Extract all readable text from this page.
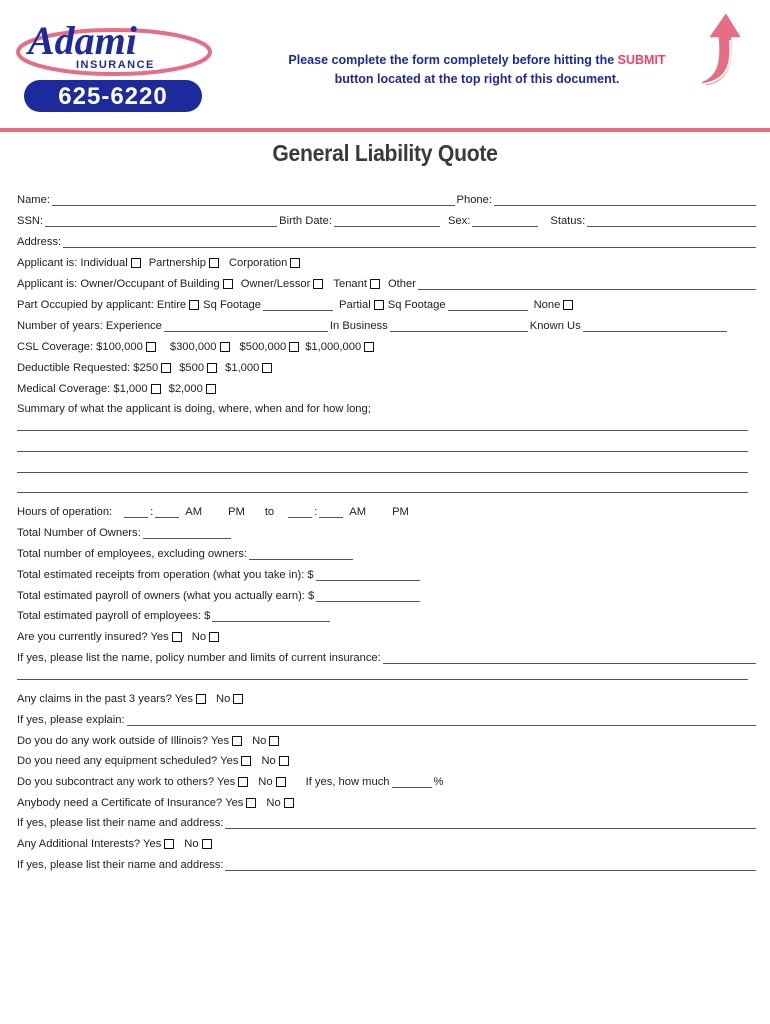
Adami
INSURANCE
625-6220
Please complete the form completely before hitting the SUBMIT
button located at the top right of this document.
General Liability Quote
Name:	Phone:
SSN:	Birth Date:	Sex:	Status:
Address:
Applicant is: Individual Partnership Corporation
Applicant is: Owner/Occupant of Building Owner/Lessor Tenant Other
Part Occupied by applicant: Entire Sq Footage	Partial Sq Footage	None
Number of years: Experience	In Business	Known Us
CSL Coverage: $100,000 $300,000 $500,000 $1,000,000
Deductible Requested: $250 $500 $1,000
Medical Coverage: $1,000 $2,000
Summary of what the applicant is doing, where, when and for how long;
Hours of operation:	:	AM PM to	:	AM PM
Total Number of Owners:
Total number of employees, excluding owners:
Total estimated receipts from operation (what you take in): $
Total estimated payroll of owners (what you actually earn): $
Total estimated payroll of employees: $
Are you currently insured? Yes No
If yes, please list the name, policy number and limits of current insurance:
Any claims in the past 3 years? Yes No
If yes, please explain:
Do you do any work outside of Illinois? Yes No
Do you need any equipment scheduled? Yes No
Do you subcontract any work to others? Yes No	If yes, how much	%
Anybody need a Certificate of Insurance? Yes No
If yes, please list their name and address:
Any Additional Interests? Yes No
If yes, please list their name and address:
